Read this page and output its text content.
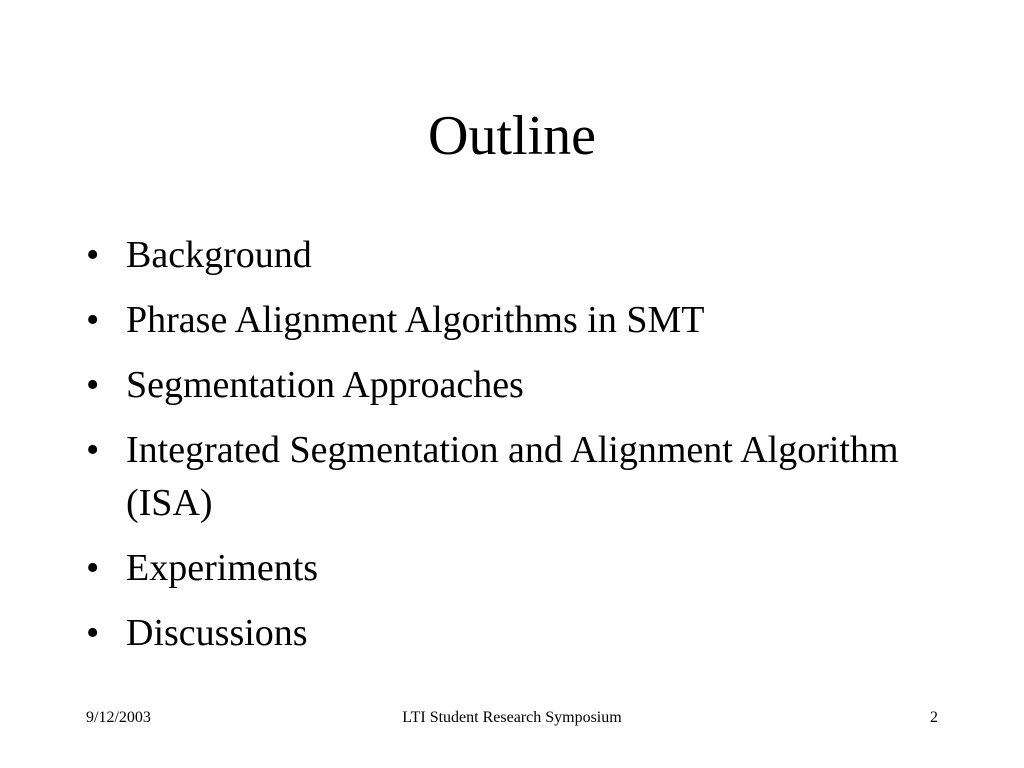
Outline
• Background
• Phrase Alignment Algorithms in SMT
• Segmentation Approaches
• Integrated Segmentation and Alignment Algorithm (ISA)
• Experiments
• Discussions
9/12/2003	LTI Student Research Symposium	2
